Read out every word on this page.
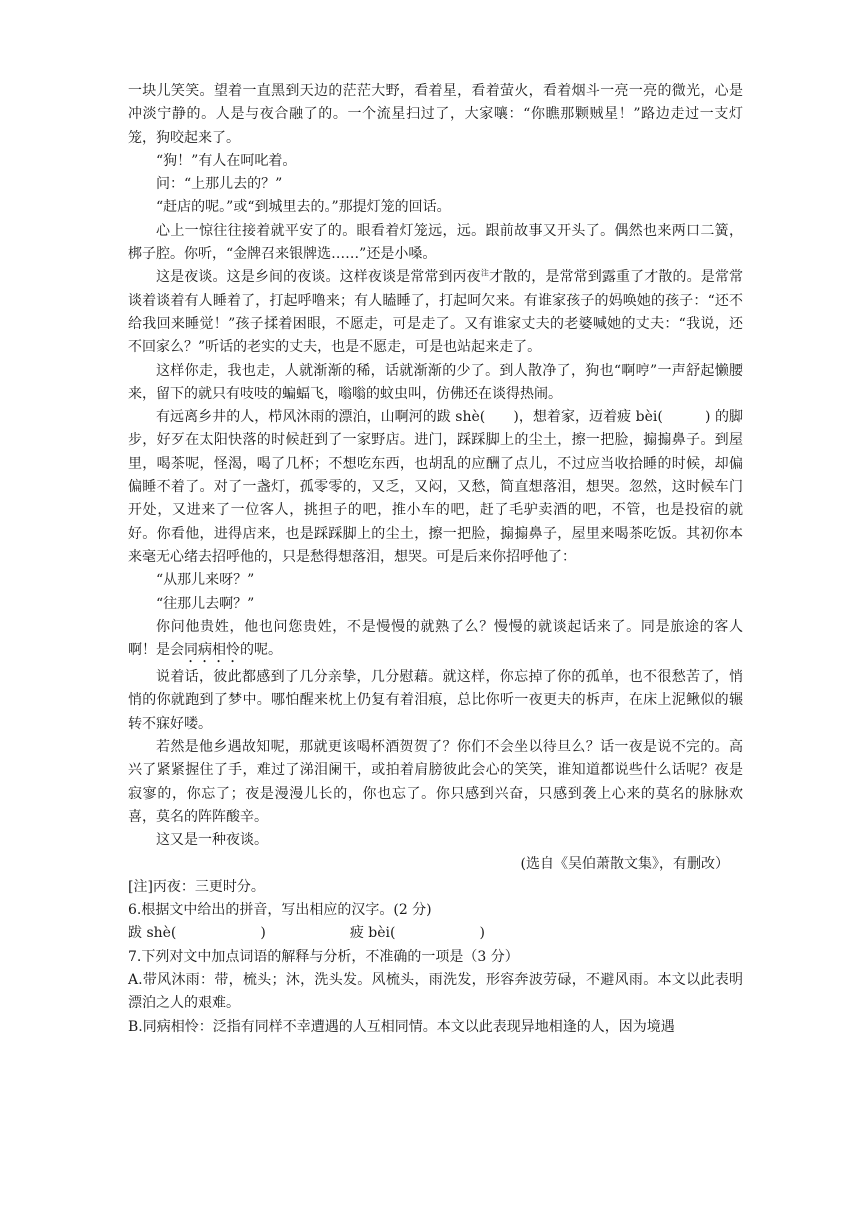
一块儿笑笑。望着一直黑到天边的茫茫大野，看着星，看着萤火，看着烟斗一亮一亮的微光，心是冲淡宁静的。人是与夜合融了的。一个流星扫过了，大家嚷：“你瞧那颗贼星！”路边走过一支灯笼，狗咬起来了。

“狗！”有人在呵叱着。

问：“上那儿去的？”

“赶店的呢。”或“到城里去的。”那提灯笼的回话。

心上一惊往往接着就平安了的。眼看着灯笼远，远。跟前故事又开头了。偶然也来两口二簧，梆子腔。你听，“金牌召来银牌选……”还是小嗓。

这是夜谈。这是乡间的夜谈。这样夜谈是常常到丙夜$^注$才散的，是常常到露重了才散的。是常常谈着谈着有人睡着了，打起呼噜来；有人瞌睡了，打起呵欠来。有谁家孩子的妈唤她的孩子：“还不给我回来睡觉！”孩子揉着困眼，不愿走，可是走了。又有谁家丈夫的老婆喊她的丈夫：“我说，还不回家么？”听话的老实的丈夫，也是不愿走，可是也站起来走了。

这样你走，我也走，人就渐渐的稀，话就渐渐的少了。到人散净了，狗也“啊哼”一声舒起懒腰来，留下的就只有吱吱的蝙蝠飞，嗡嗡的蚊虫叫，仿佛还在谈得热闹。

有远离乡井的人，栉风沐雨的漂泊，山啊河的跋 shè(　　)，想着家，迈着疲 bèi(　　　) 的脚步，好歹在太阳快落的时候赶到了一家野店。进门，踩踩脚上的尘土，擦一把脸，搧搧鼻子。到屋里，喝茶呢，怪渴，喝了几杯；不想吃东西，也胡乱的应酬了点儿，不过应当收拾睡的时候，却偏偏睡不着了。对了一盏灯，孤零零的，又乏，又闷，又愁，简直想落泪，想哭。忽然，这时候车门开处，又进来了一位客人，挑担子的吧，推小车的吧，赶了毛驴卖酒的吧，不管，也是投宿的就好。你看他，进得店来，也是踩踩脚上的尘土，擦一把脸，搧搧鼻子，屋里来喝茶吃饭。其初你本来毫无心绪去招呼他的，只是愁得想落泪，想哭。可是后来你招呼他了：

“从那儿来呀？”

“往那儿去啊？”

你问他贵姓，他也问您贵姓，不是慢慢的就熟了么？慢慢的就谈起话来了。同是旅途的客人啊！是会同病相怜的呢。

说着话，彼此都感到了几分亲挚，几分慰藉。就这样，你忘掉了你的孤单，也不很愁苦了，悄悄的你就跑到了梦中。哪怕醒来枕上仍复有着泪痕，总比你听一夜更夫的柝声，在床上泥鳅似的辗转不寐好喽。

若然是他乡遇故知呢，那就更该喝杯酒贺贺了？你们不会坐以待旦么？话一夜是说不完的。高兴了紧紧握住了手，难过了涕泪阑干，或拍着肩膀彼此会心的笑笑，谁知道都说些什么话呢？夜是寂寥的，你忘了；夜是漫漫儿长的，你也忘了。你只感到兴奋，只感到袭上心来的莫名的脉脉欢喜，莫名的阵阵酸辛。

这又是一种夜谈。

(选自《吴伯萧散文集》，有删改）

[注]丙夜：三更时分。

6.根据文中给出的拼音，写出相应的汉字。(2 分)

跋 shè(　　　　　　)　　　　　　疲 bèi(　　　　　　)

7.下列对文中加点词语的解释与分析，不准确的一项是（3 分）

A.带风沐雨：带，梳头；沐，洗头发。风梳头，雨洗发，形容奔波劳碌，不避风雨。本文以此表明漂泊之人的艰难。

B.同病相怜：泛指有同样不幸遭遇的人互相同情。本文以此表现异地相逢的人，因为境遇
